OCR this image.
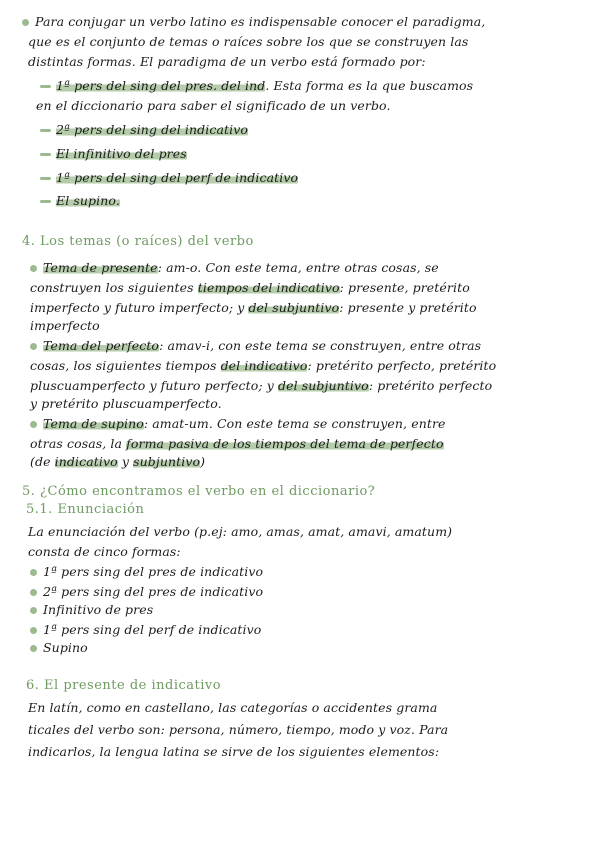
Para conjugar un verbo latino es indispensable conocer el paradigma,
que es el conjunto de temas o raíces sobre los que se construyen las
distintas formas. El paradigma de un verbo está formado por:
1ª pers del sing del pres. del ind. Esta forma es la que buscamos
en el diccionario para saber el significado de un verbo.
2ª pers del sing del indicativo
El infinitivo del pres
1ª pers del sing del perf de indicativo
El supino.
4. Los temas (o raíces) del verbo
Tema de presente: am-o. Con este tema, entre otras cosas, se
construyen los siguientes tiempos del indicativo: presente, pretérito
imperfecto y futuro imperfecto; y del subjuntivo: presente y pretérito
imperfecto
Tema del perfecto: amav-i, con este tema se construyen, entre otras
cosas, los siguientes tiempos del indicativo: pretérito perfecto, pretérito
pluscuamperfecto y futuro perfecto; y del subjuntivo: pretérito perfecto
y pretérito pluscuamperfecto.
Tema de supino: amat-um. Con este tema se construyen, entre
otras cosas, la forma pasiva de los tiempos del tema de perfecto
(de indicativo y subjuntivo)
5. ¿Cómo encontramos el verbo en el diccionario?
5.1. Enunciación
La enunciación del verbo (p.ej: amo, amas, amat, amavi, amatum)
consta de cinco formas:
1ª pers sing del pres de indicativo
2ª pers sing del pres de indicativo
Infinitivo de pres
1ª pers sing del perf de indicativo
Supino
6. El presente de indicativo
En latín, como en castellano, las categorías o accidentes grama
ticales del verbo son: persona, número, tiempo, modo y voz. Para
indicarlos, la lengua latina se sirve de los siguientes elementos:
